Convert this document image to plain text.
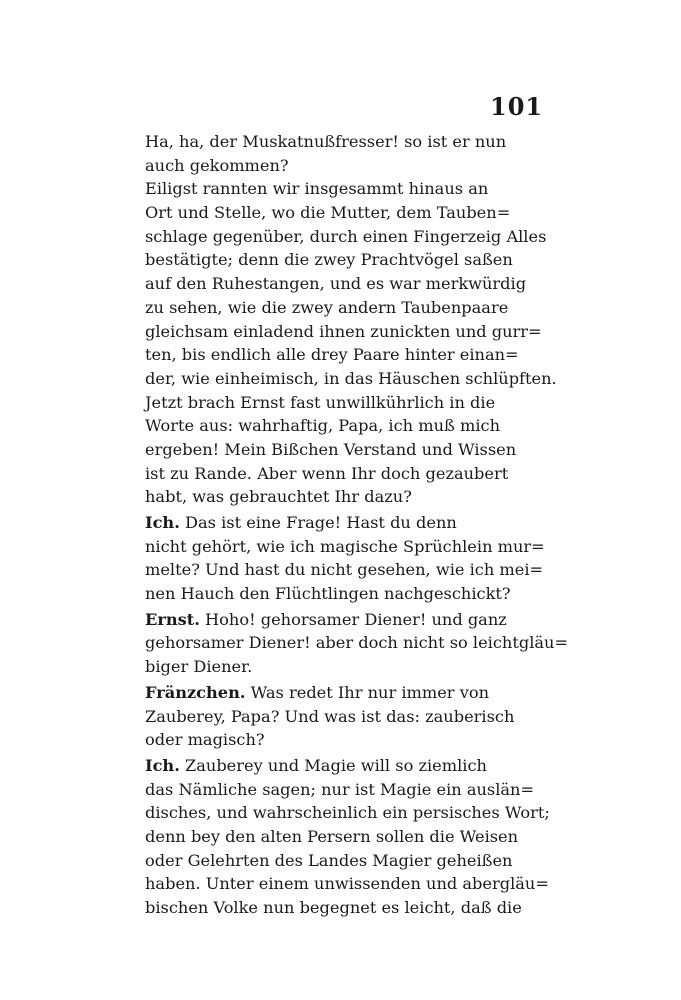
101
Ha, ha, der Muskatnußfresser! so ist er nun
auch gekommen?
Eiligst rannten wir insgesammt hinaus an
Ort und Stelle, wo die Mutter, dem Tauben=
schlage gegenüber, durch einen Fingerzeig Alles
bestätigte; denn die zwey Prachtvögel saßen
auf den Ruhestangen, und es war merkwürdig
zu sehen, wie die zwey andern Taubenpaare
gleichsam einladend ihnen zunickten und gurr=
ten, bis endlich alle drey Paare hinter einan=
der, wie einheimisch, in das Häuschen schlüpften.
Jetzt brach Ernst fast unwillkührlich in die
Worte aus: wahrhaftig, Papa, ich muß mich
ergeben! Mein Bißchen Verstand und Wissen
ist zu Rande. Aber wenn Ihr doch gezaubert
habt, was gebrauchtet Ihr dazu?
Ich. Das ist eine Frage! Hast du denn
nicht gehört, wie ich magische Sprüchlein mur=
melte? Und hast du nicht gesehen, wie ich mei=
nen Hauch den Flüchtlingen nachgeschickt?
Ernst. Hoho! gehorsamer Diener! und ganz
gehorsamer Diener! aber doch nicht so leichtgläu=
biger Diener.
Fränzchen. Was redet Ihr nur immer von
Zauberey, Papa? Und was ist das: zauberisch
oder magisch?
Ich. Zauberey und Magie will so ziemlich
das Nämliche sagen; nur ist Magie ein auslän=
disches, und wahrscheinlich ein persisches Wort;
denn bey den alten Persern sollen die Weisen
oder Gelehrten des Landes Magier geheißen
haben. Unter einem unwissenden und abergläu=
bischen Volke nun begegnet es leicht, daß die
